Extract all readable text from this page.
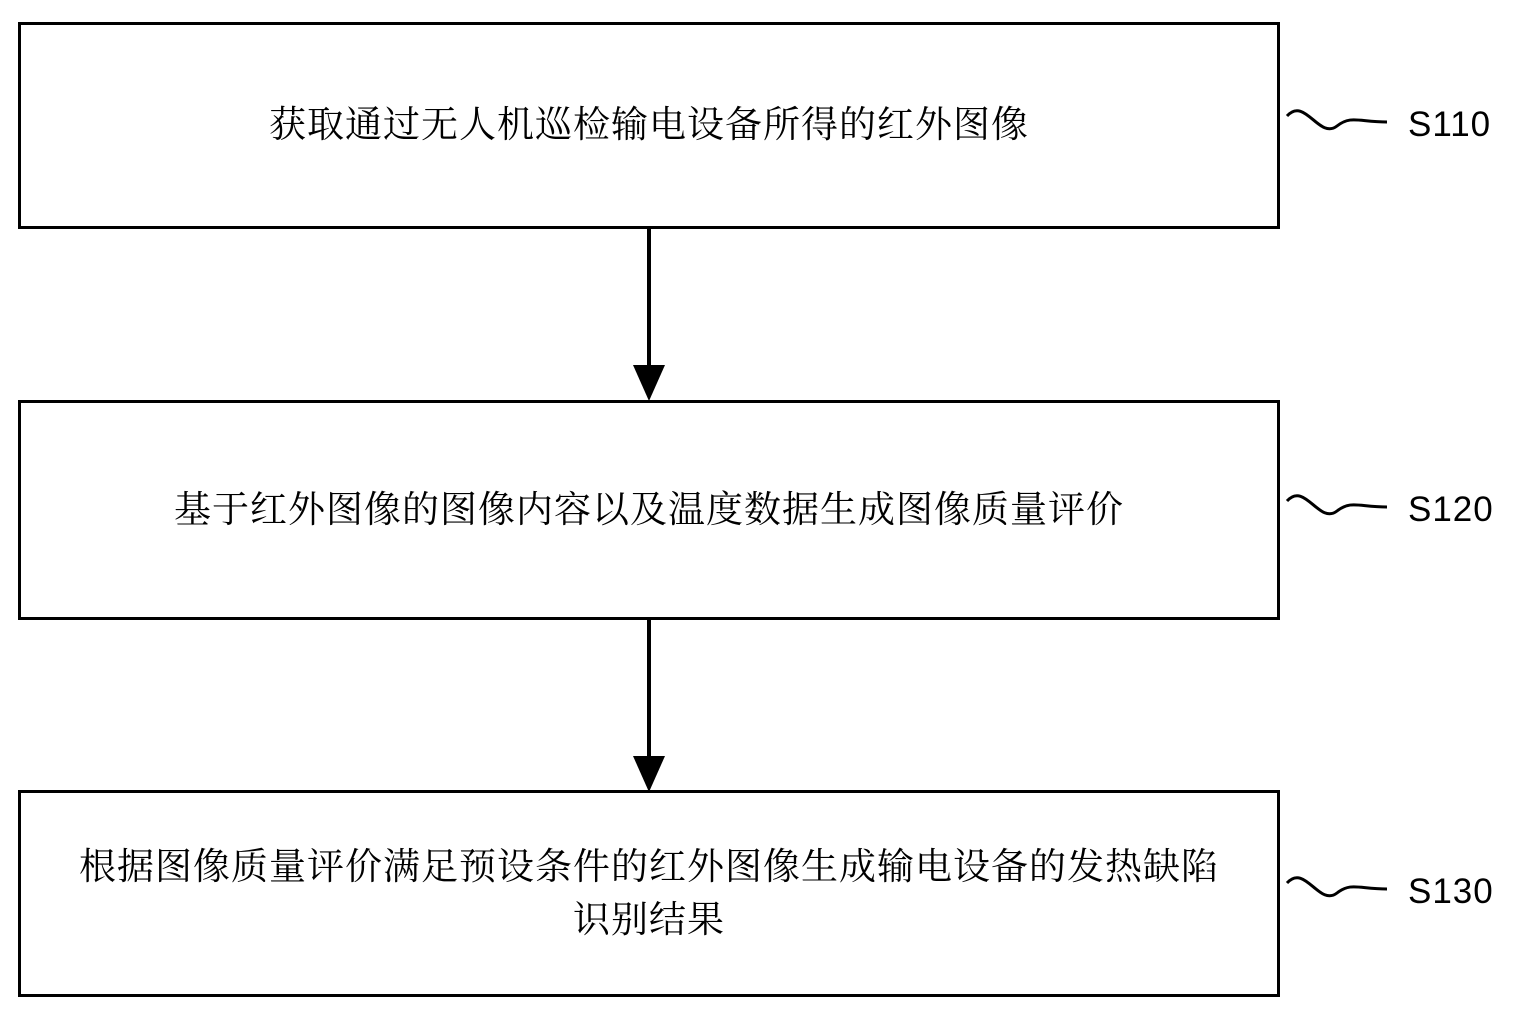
获取通过无人机巡检输电设备所得的红外图像	S110
基于红外图像的图像内容以及温度数据生成图像质量评价	S120
根据图像质量评价满足预设条件的红外图像生成输电设备的发热缺陷识别结果
S130
